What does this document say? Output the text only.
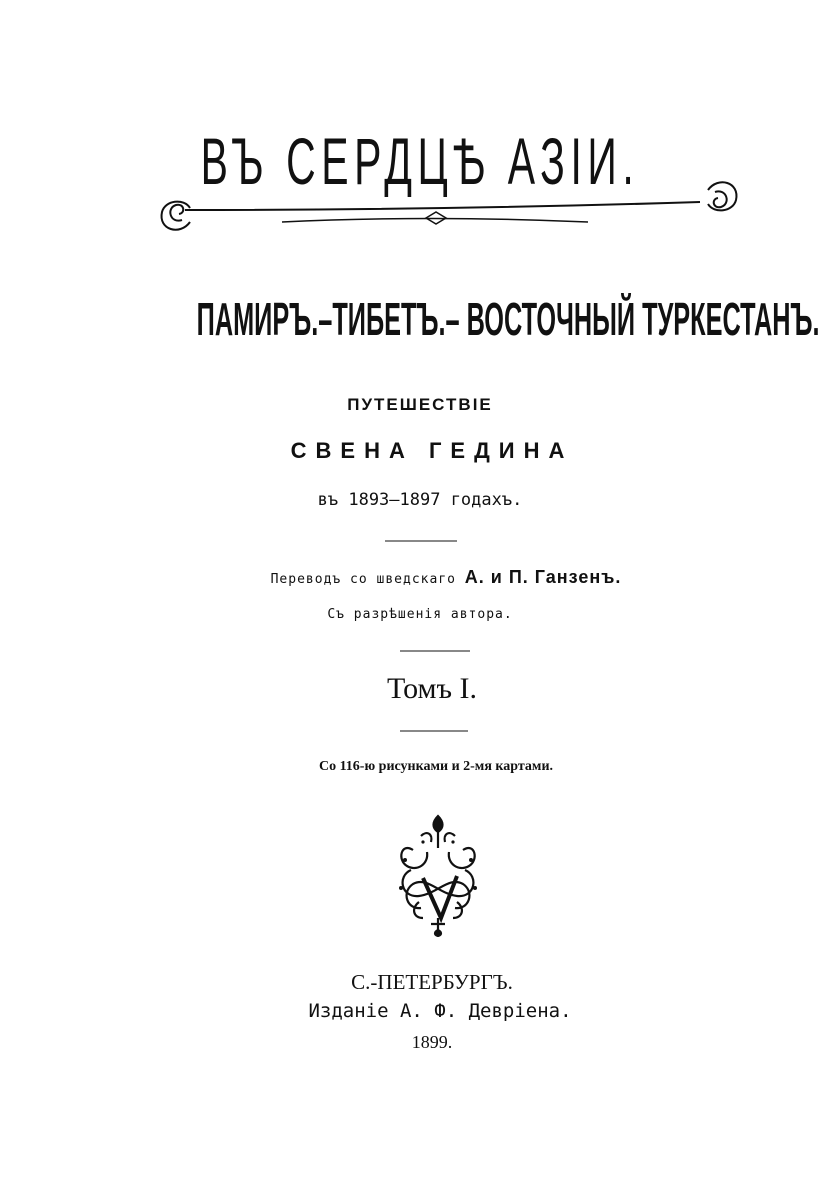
ВЪ СЕРДЦѢ АЗІИ.
ПАМИРЪ.–ТИБЕТЪ.– ВОСТОЧНЫЙ ТУРКЕСТАНЪ.
ПУТЕШЕСТВІЕ
СВЕНА ГЕДИНА
въ 1893–1897 годахъ.
Переводъ со шведскаго А. и П. Ганзенъ.
Съ разрѣшенія автора.
Томъ I.
Со 116-ю рисунками и 2-мя картами.
С.-ПЕТЕРБУРГЪ.
Изданіе А. Ф. Девріена.
1899.
